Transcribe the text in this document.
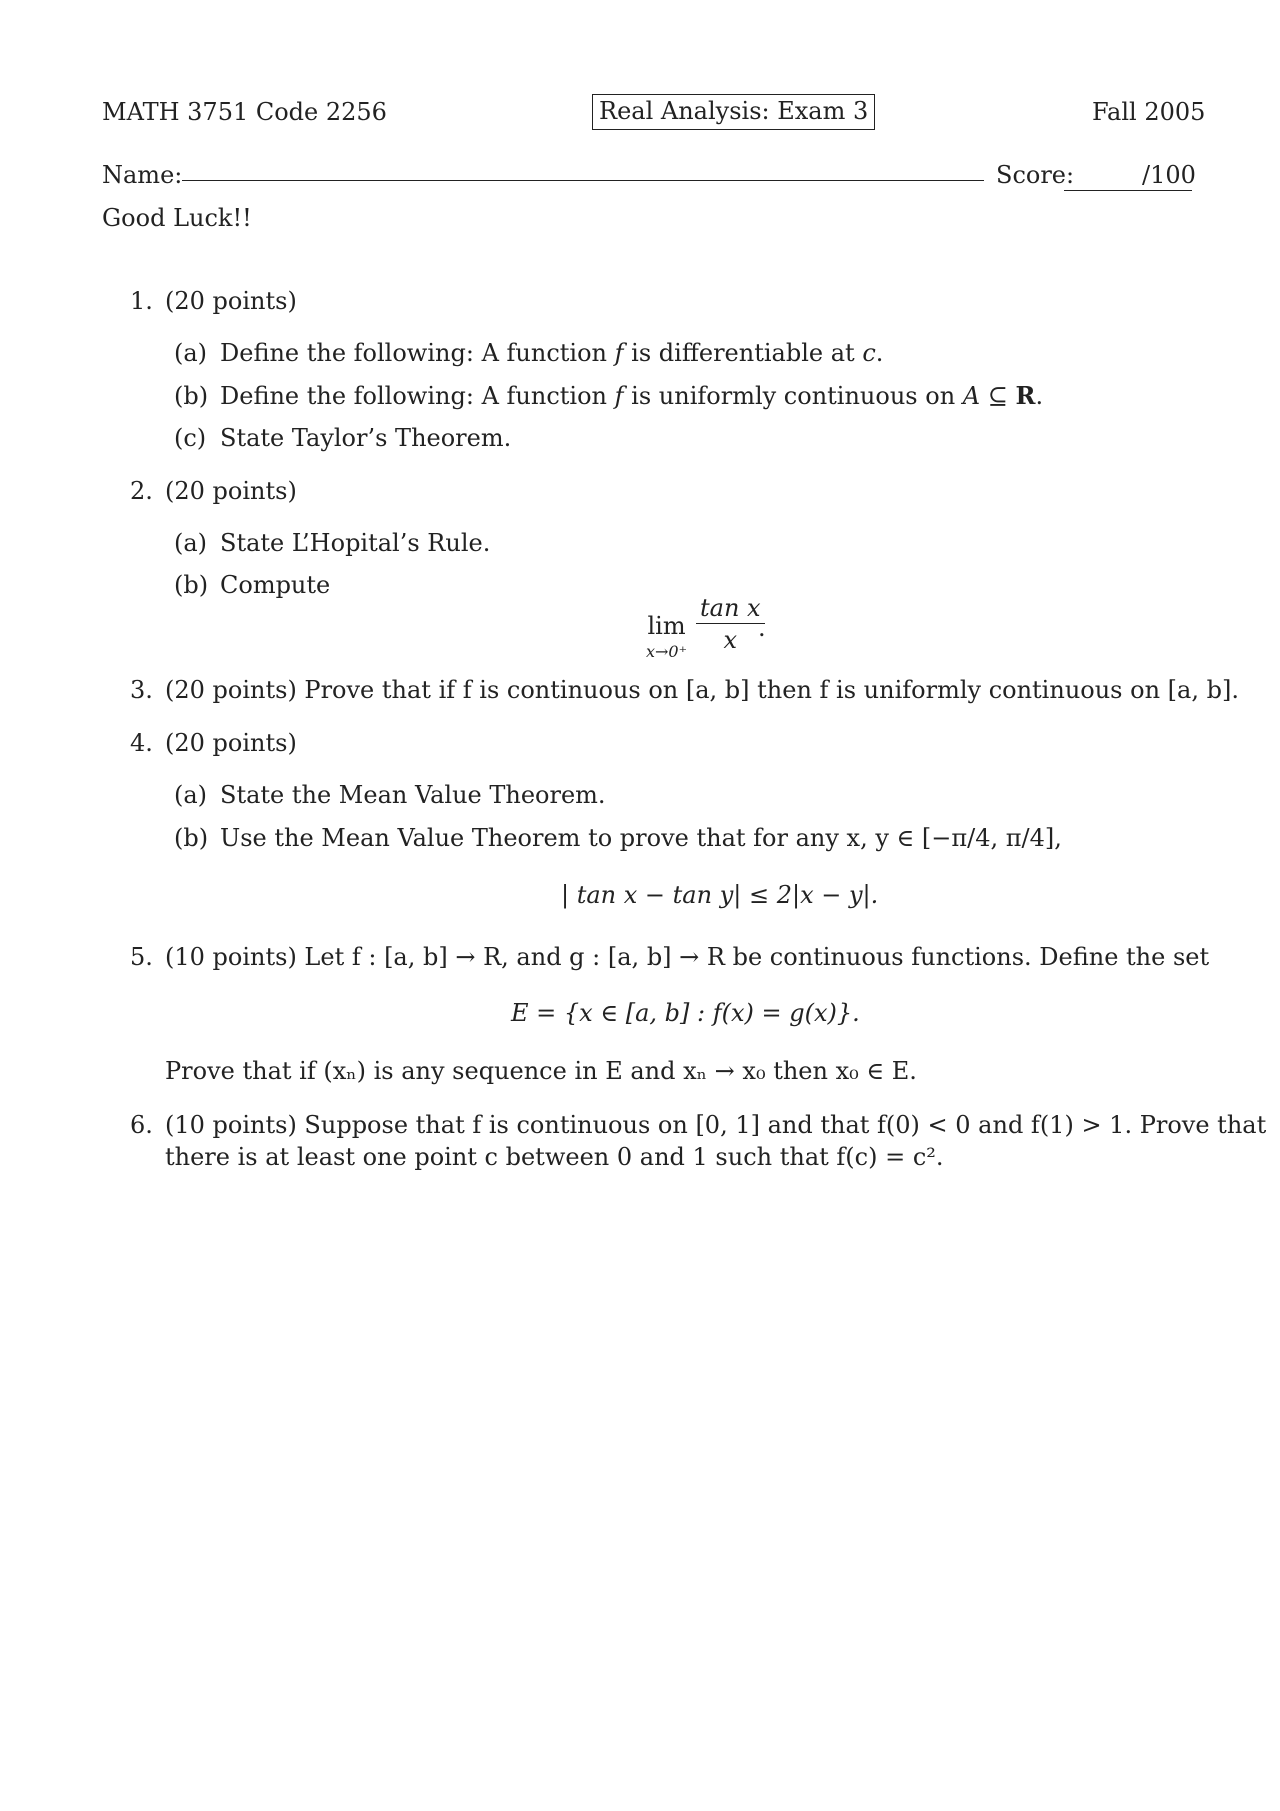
MATH 3751 Code 2256	Real Analysis: Exam 3	Fall 2005
Name:	Score:	/100
Good Luck!!
1. (20 points)
(a) Define the following: A function f is differentiable at c.
(b) Define the following: A function f is uniformly continuous on A ⊆ R.
(c) State Taylor’s Theorem.
2. (20 points)
(a) State L’Hopital’s Rule.
(b) Compute
lim
$x\to 0^+ \frac{\text{tan x}}{x}$
.
3. (20 points) Prove that if f is continuous on [a, b] then f is uniformly continuous on [a, b].
4. (20 points)
(a) State the Mean Value Theorem.
(b) Use the Mean Value Theorem to prove that for any x, y ∈ [−π/4, π/4],
| tan x − tan y| ≤ 2|x − y|.
5. (10 points) Let f : [a, b] → R, and g : [a, b] → R be continuous functions. Define the set
E = {x ∈ [a, b] : f(x) = g(x)}.
Prove that if (xₙ) is any sequence in E and xₙ → x₀ then x₀ ∈ E.
6. (10 points) Suppose that f is continuous on [0, 1] and that f(0) < 0 and f(1) > 1. Prove that
there is at least one point c between 0 and 1 such that f(c) = c².
